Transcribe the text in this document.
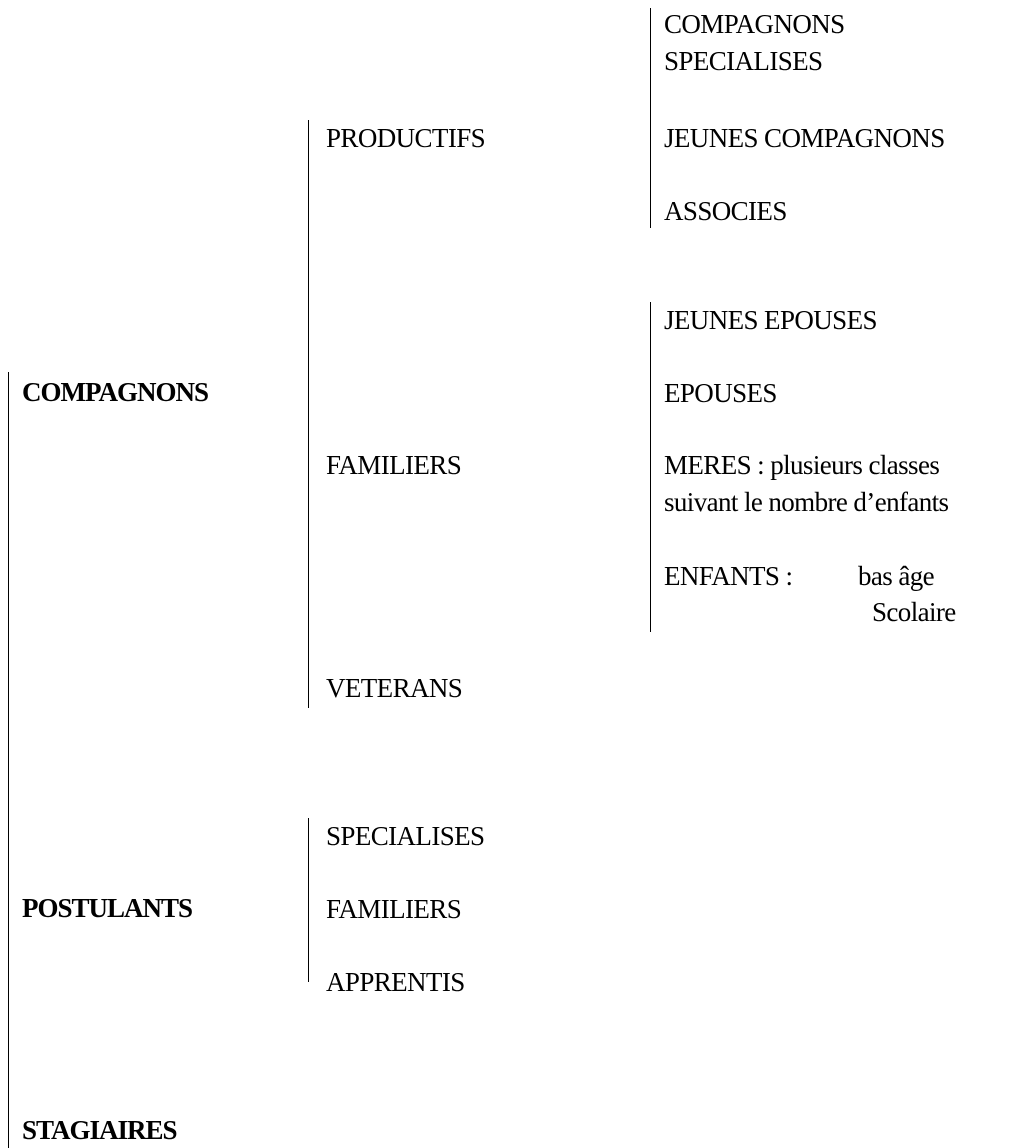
COMPAGNONS
POSTULANTS
STAGIAIRES
PRODUCTIFS
FAMILIERS
VETERANS
COMPAGNONS
SPECIALISES
JEUNES COMPAGNONS
ASSOCIES
JEUNES EPOUSES
EPOUSES
MERES : plusieurs classes
suivant le nombre d’enfants
ENFANTS : bas âge
Scolaire
SPECIALISES
FAMILIERS
APPRENTIS
